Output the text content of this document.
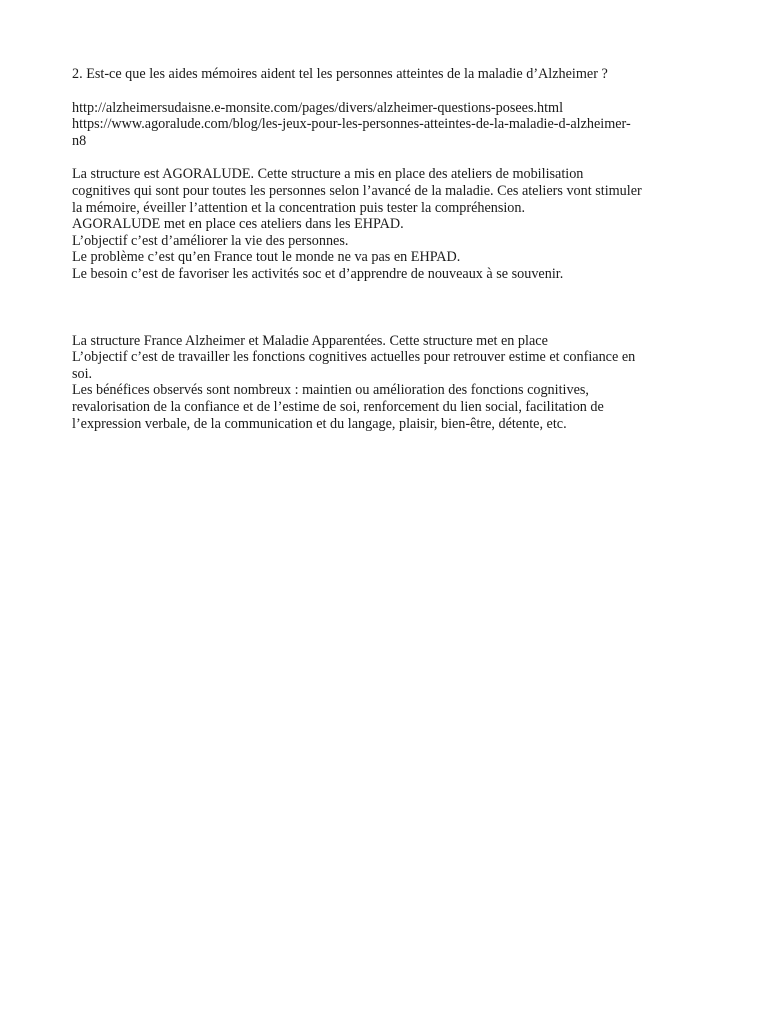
2. Est-ce que les aides mémoires aident tel les personnes atteintes de la maladie d’Alzheimer ?

http://alzheimersudaisne.e-monsite.com/pages/divers/alzheimer-questions-posees.html
https://www.agoralude.com/blog/les-jeux-pour-les-personnes-atteintes-de-la-maladie-d-alzheimer-
n8

La structure est AGORALUDE. Cette structure a mis en place des ateliers de mobilisation
cognitives qui sont pour toutes les personnes selon l’avancé de la maladie. Ces ateliers vont stimuler
la mémoire, éveiller l’attention et la concentration puis tester la compréhension.
AGORALUDE met en place ces ateliers dans les EHPAD.
L’objectif c’est d’améliorer la vie des personnes.
Le problème c’est qu’en France tout le monde ne va pas en EHPAD.
Le besoin c’est de favoriser les activités soc et d’apprendre de nouveaux à se souvenir.

La structure France Alzheimer et Maladie Apparentées. Cette structure met en place
L’objectif c’est de travailler les fonctions cognitives actuelles pour retrouver estime et confiance en
soi.
Les bénéfices observés sont nombreux : maintien ou amélioration des fonctions cognitives,
revalorisation de la confiance et de l’estime de soi, renforcement du lien social, facilitation de
l’expression verbale, de la communication et du langage, plaisir, bien-être, détente, etc.
